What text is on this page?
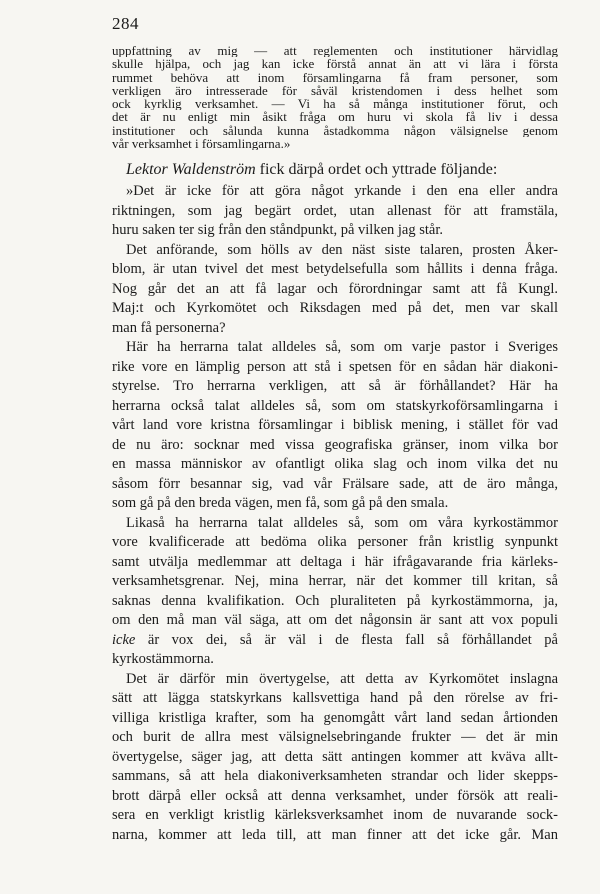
284
uppfattning av mig — att reglementen och institutioner härvidlag
skulle hjälpa, och jag kan icke förstå annat än att vi lära i första
rummet behöva att inom församlingarna få fram personer, som
verkligen äro intresserade för såväl kristendomen i dess helhet som
ock kyrklig verksamhet. — Vi ha så många institutioner förut, och
det är nu enligt min åsikt fråga om huru vi skola få liv i dessa
institutioner och sålunda kunna åstadkomma någon välsignelse genom
vår verksamhet i församlingarna.»
Lektor Waldenström fick därpå ordet och yttrade följande:
»Det är icke för att göra något yrkande i den ena eller andra
riktningen, som jag begärt ordet, utan allenast för att framstäla,
huru saken ter sig från den ståndpunkt, på vilken jag står.
Det anförande, som hölls av den näst siste talaren, prosten Åker-
blom, är utan tvivel det mest betydelsefulla som hållits i denna fråga.
Nog går det an att få lagar och förordningar samt att få Kungl.
Maj:t och Kyrkomötet och Riksdagen med på det, men var skall
man få personerna?
Här ha herrarna talat alldeles så, som om varje pastor i Sveriges
rike vore en lämplig person att stå i spetsen för en sådan här diakoni-
styrelse. Tro herrarna verkligen, att så är förhållandet? Här ha
herrarna också talat alldeles så, som om statskyrkoförsamlingarna i
vårt land vore kristna församlingar i biblisk mening, i stället för vad
de nu äro: socknar med vissa geografiska gränser, inom vilka bor
en massa människor av ofantligt olika slag och inom vilka det nu
såsom förr besannar sig, vad vår Frälsare sade, att de äro många,
som gå på den breda vägen, men få, som gå på den smala.
Likaså ha herrarna talat alldeles så, som om våra kyrkostämmor
vore kvalificerade att bedöma olika personer från kristlig synpunkt
samt utvälja medlemmar att deltaga i här ifrågavarande fria kärleks-
verksamhetsgrenar. Nej, mina herrar, när det kommer till kritan, så
saknas denna kvalifikation. Och pluraliteten på kyrkostämmorna, ja,
om den må man väl säga, att om det någonsin är sant att vox populi
icke är vox dei, så är väl i de flesta fall så förhållandet på
kyrkostämmorna.
Det är därför min övertygelse, att detta av Kyrkomötet inslagna
sätt att lägga statskyrkans kallsvettiga hand på den rörelse av fri-
villiga kristliga krafter, som ha genomgått vårt land sedan årtionden
och burit de allra mest välsignelsebringande frukter — det är min
övertygelse, säger jag, att detta sätt antingen kommer att kväva allt-
sammans, så att hela diakoniverksamheten strandar och lider skepps-
brott därpå eller också att denna verksamhet, under försök att reali-
sera en verkligt kristlig kärleksverksamhet inom de nuvarande sock-
narna, kommer att leda till, att man finner att det icke går. Man
